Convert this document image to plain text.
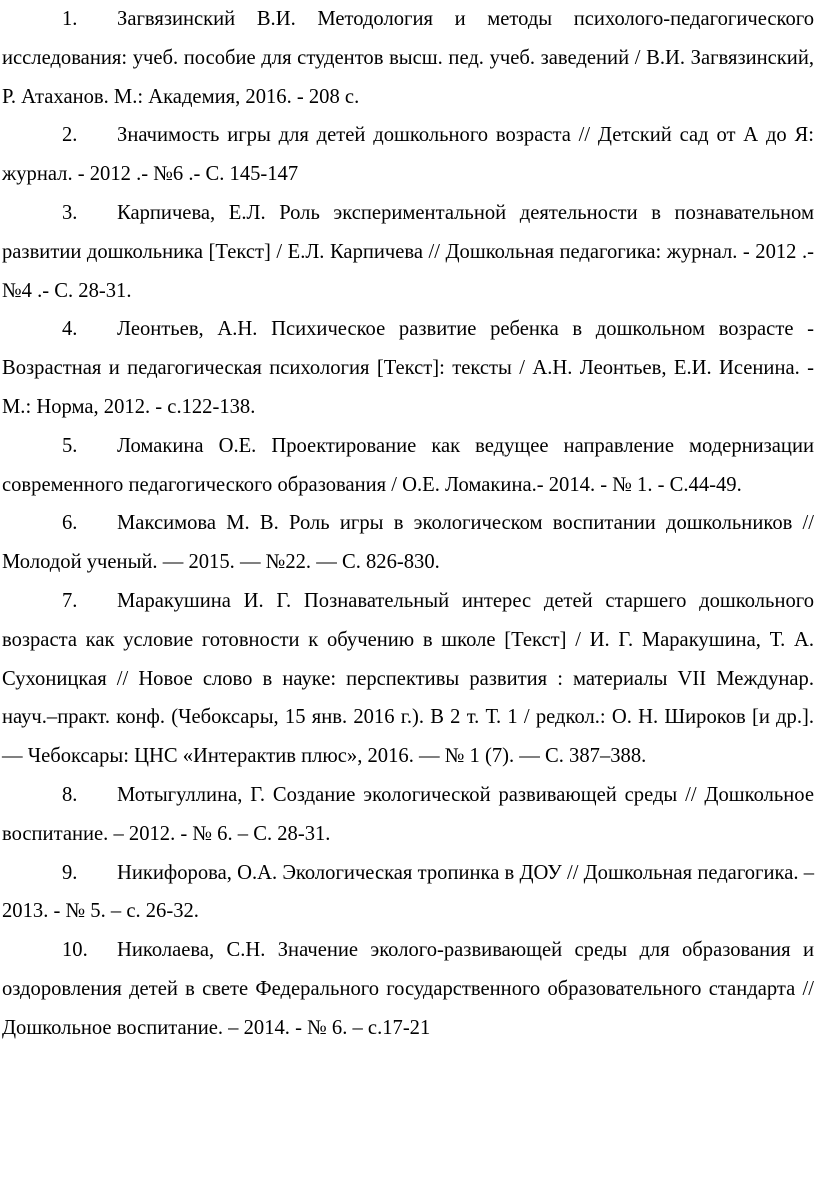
1. Загвязинский В.И. Методология и методы психолого-педагогического исследования: учеб. пособие для студентов высш. пед. учеб. заведений / В.И. Загвязинский, Р. Атаханов. М.: Академия, 2016. - 208 с.
2. Значимость игры для детей дошкольного возраста // Детский сад от А до Я: журнал. - 2012 .- №6 .- С. 145-147
3. Карпичева, Е.Л. Роль экспериментальной деятельности в познавательном развитии дошкольника [Текст] / Е.Л. Карпичева // Дошкольная педагогика: журнал. - 2012 .- №4 .- С. 28-31.
4. Леонтьев, А.Н. Психическое развитие ребенка в дошкольном возрасте - Возрастная и педагогическая психология [Текст]: тексты / А.Н. Леонтьев, Е.И. Исенина. - М.: Норма, 2012. - с.122-138.
5. Ломакина О.Е. Проектирование как ведущее направление модернизации современного педагогического образования / О.Е. Ломакина.- 2014. - № 1. - С.44-49.
6. Максимова М. В. Роль игры в экологическом воспитании дошкольников // Молодой ученый. — 2015. — №22. — С. 826-830.
7. Маракушина И. Г. Познавательный интерес детей старшего дошкольного возраста как условие готовности к обучению в школе [Текст] / И. Г. Маракушина, Т. А. Сухоницкая // Новое слово в науке: перспективы развития : материалы VII Междунар. науч.–практ. конф. (Чебоксары, 15 янв. 2016 г.). В 2 т. Т. 1 / редкол.: О. Н. Широков [и др.]. — Чебоксары: ЦНС «Интерактив плюс», 2016. — № 1 (7). — С. 387–388.
8. Мотыгуллина, Г. Создание экологической развивающей среды // Дошкольное воспитание. – 2012. - № 6. – С. 28-31.
9. Никифорова, О.А. Экологическая тропинка в ДОУ // Дошкольная педагогика. – 2013. - № 5. – с. 26-32.
10. Николаева, С.Н. Значение эколого-развивающей среды для образования и оздоровления детей в свете Федерального государственного образовательного стандарта // Дошкольное воспитание. – 2014. - № 6. – с.17-21
